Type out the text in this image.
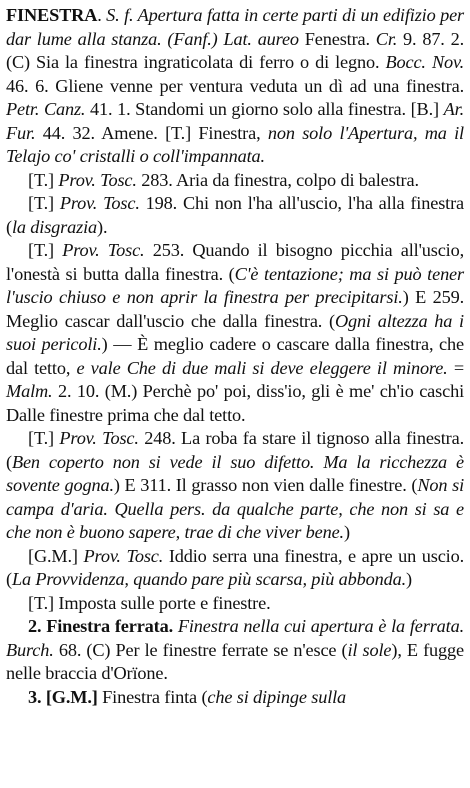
FINESTRA. S. f. Apertura fatta in certe parti di un edifizio per dar lume alla stanza. (Fanf.) Lat. aureo Fenestra. Cr. 9. 87. 2. (C) Sia la finestra ingraticolata di ferro o di legno. Bocc. Nov. 46. 6. Gliene venne per ventura veduta un dì ad una finestra. Petr. Canz. 41. 1. Standomi un giorno solo alla finestra. [B.] Ar. Fur. 44. 32. Amene. [T.] Finestra, non solo l'Apertura, ma il Telajo co' cristalli o coll'impannata.

[T.] Prov. Tosc. 283. Aria da finestra, colpo di balestra.

[T.] Prov. Tosc. 198. Chi non l'ha all'uscio, l'ha alla finestra (la disgrazia).

[T.] Prov. Tosc. 253. Quando il bisogno picchia all'uscio, l'onestà si butta dalla finestra. (C'è tentazione; ma si può tener l'uscio chiuso e non aprir la finestra per precipitarsi.) E 259. Meglio cascar dall'uscio che dalla finestra. (Ogni altezza ha i suoi pericoli.) — È meglio cadere o cascare dalla finestra, che dal tetto, e vale Che di due mali si deve eleggere il minore. = Malm. 2. 10. (M.) Perchè po' poi, diss'io, gli è me' ch'io caschi Dalle finestre prima che dal tetto.

[T.] Prov. Tosc. 248. La roba fa stare il tignoso alla finestra. (Ben coperto non si vede il suo difetto. Ma la ricchezza è sovente gogna.) E 311. Il grasso non vien dalle finestre. (Non si campa d'aria. Quella pers. da qualche parte, che non si sa e che non è buono sapere, trae di che viver bene.)

[G.M.] Prov. Tosc. Iddio serra una finestra, e apre un uscio. (La Provvidenza, quando pare più scarsa, più abbonda.)

[T.] Imposta sulle porte e finestre.

2. Finestra ferrata. Finestra nella cui apertura è la ferrata. Burch. 68. (C) Per le finestre ferrate se n'esce (il sole), E fugge nelle braccia d'Orïone.

3. [G.M.] Finestra finta (che si dipinge sulla
